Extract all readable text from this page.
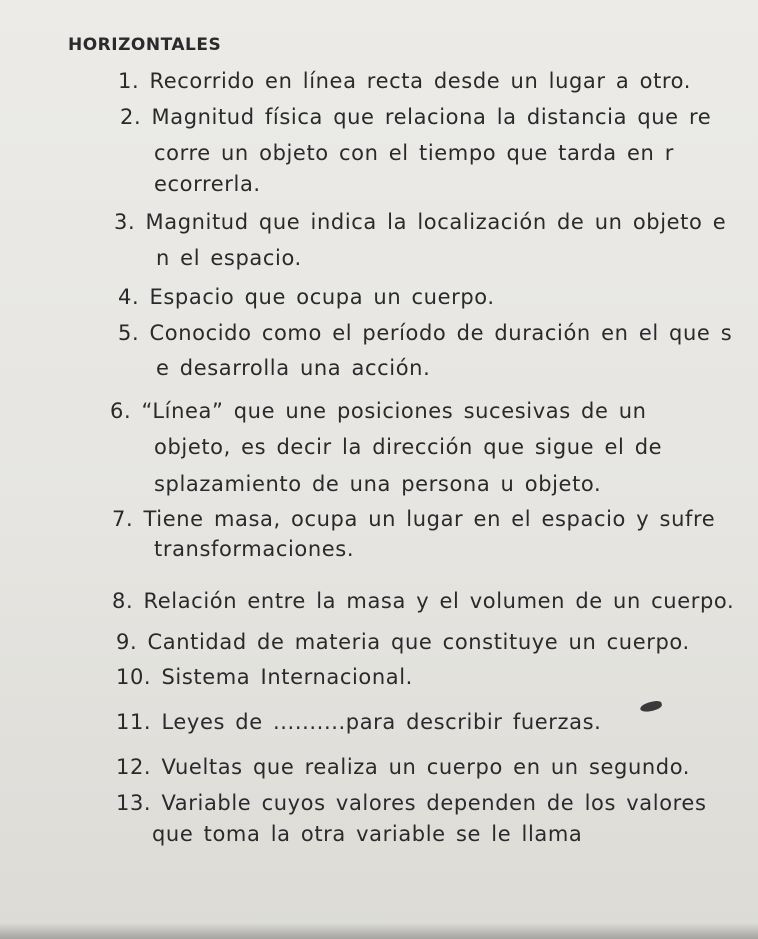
HORIZONTALES
1. Recorrido en línea recta desde un lugar a otro.
2. Magnitud física que relaciona la distancia que re
corre un objeto con el tiempo que tarda en r
ecorrerla.
3. Magnitud que indica la localización de un objeto e
n el espacio.
4. Espacio que ocupa un cuerpo.
5. Conocido como el período de duración en el que s
e desarrolla una acción.
6. “Línea” que une posiciones sucesivas de un
objeto, es decir la dirección que sigue el de
splazamiento de una persona u objeto.
7. Tiene masa, ocupa un lugar en el espacio y sufre
transformaciones.
8. Relación entre la masa y el volumen de un cuerpo.
9. Cantidad de materia que constituye un cuerpo.
10. Sistema Internacional.
11. Leyes de ..........para describir fuerzas.
12. Vueltas que realiza un cuerpo en un segundo.
13. Variable cuyos valores dependen de los valores
que toma la otra variable se le llama
